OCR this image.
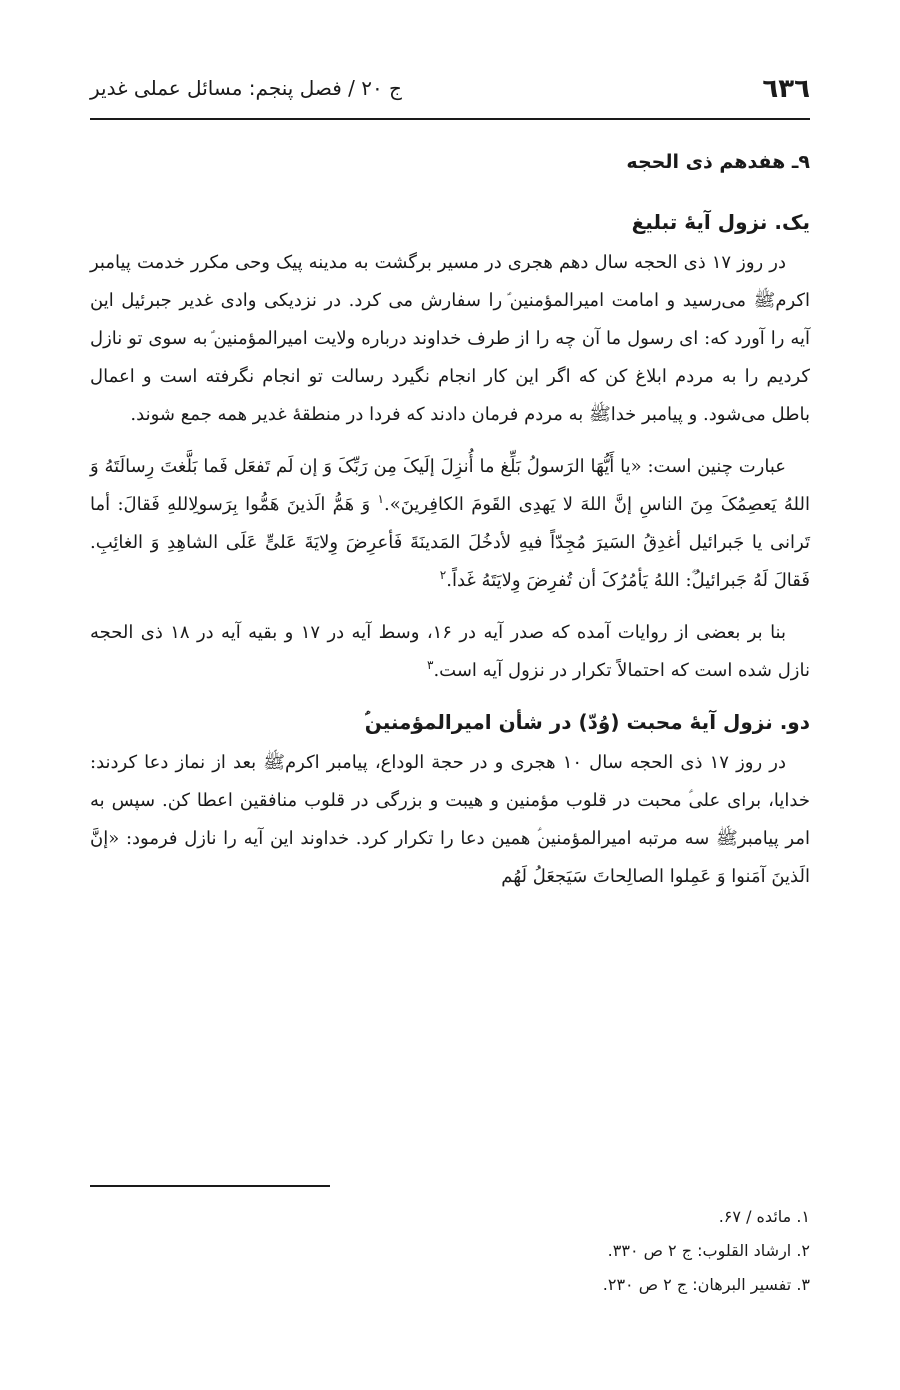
٦٣٦
ج ۲۰ / فصل پنجم: مسائل عملی غدیر
۹ـ هفدهم ذی الحجه
یک. نزول آیۀ تبلیغ

در روز ۱۷ ذی الحجه سال دهم هجری در مسیر برگشت به مدینه پیک وحی مکرر خدمت پیامبر اکرمﷺ می‌رسید و امامت امیرالمؤمنین‌ؑ را سفارش می کرد. در نزدیکی وادی غدیر جبرئیل این آیه را آورد که: ای رسول ما آن چه را از طرف خداوند درباره ولایت امیرالمؤمنین‌ؑ به سوی تو نازل کردیم را به مردم ابلاغ کن که اگر این کار انجام نگیرد رسالت تو انجام نگرفته است و اعمال باطل می‌شود. و پیامبر خداﷺ به مردم فرمان دادند که فردا در منطقۀ غدیر همه جمع شوند.

عبارت چنین است: «یا أَیُّهَا الرَسولُ بَلِّغ ما أُنزِلَ إلَیکَ مِن رَبِّکَ وَ إن لَم تَفعَل فَما بَلَّغتَ رِسالَتَهُ وَ اللهُ یَعصِمُکَ مِنَ الناسِ إنَّ اللهَ لا یَهدِی القَومَ الکافِرینَ».$^۱$ وَ هَمُّ الَذینَ هَمُّوا بِرَسولِاللهِ فَقالَ: أما تَرانی یا جَبرائیل أغدِقُ السَیرَ مُجِدّاً فیهِ لأدخُلَ المَدینَةَ فَأعرِضَ وِلایَةَ عَلیٍّ عَلَی الشاهِدِ وَ الغائِبِ. فَقالَ لَهُ جَبرائیلُ‌ؑ: اللهُ یَأمُرُکَ أن تُفرِضَ وِلایَتَهُ غَداً.$^۲$

بنا بر بعضی از روایات آمده که صدر آیه در ۱۶، وسط آیه در ۱۷ و بقیه آیه در ۱۸ ذی الحجه نازل شده است که احتمالاً تکرار در نزول آیه است.$^۳$

دو. نزول آیۀ محبت (وُدّ) در شأن امیرالمؤمنین‌ؑ

در روز ۱۷ ذی الحجه سال ۱۰ هجری و در حجة الوداع، پیامبر اکرمﷺ بعد از نماز دعا کردند: خدایا، برای علی‌ؑ محبت در قلوب مؤمنین و هیبت و بزرگی در قلوب منافقین اعطا کن. سپس به امر پیامبرﷺ سه مرتبه امیرالمؤمنین‌ؑ همین دعا را تکرار کرد. خداوند این آیه را نازل فرمود: «إنَّ الَذینَ آمَنوا وَ عَمِلوا الصالِحاتَ سَیَجعَلُ لَهُم

۱. مائده / ۶۷.
۲. ارشاد القلوب: ج ۲ ص ۳۳۰.
۳. تفسیر البرهان: ج ۲ ص ۲۳۰.
